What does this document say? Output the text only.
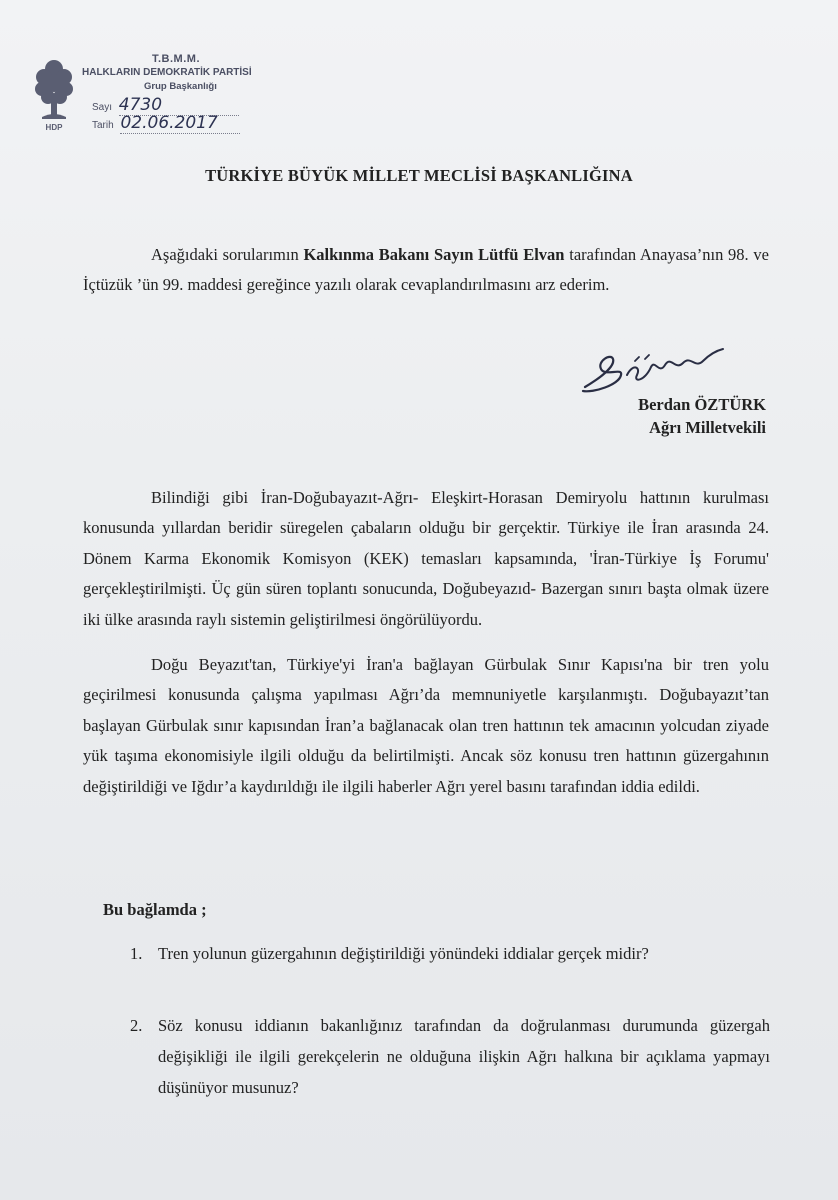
HDP
T.B.M.M.
HALKLARIN DEMOKRATİK PARTİSİ
Grup Başkanlığı
Sayı 4730
Tarih 02.06.2017
TÜRKİYE BÜYÜK MİLLET MECLİSİ BAŞKANLIĞINA
Aşağıdaki sorularımın Kalkınma Bakanı Sayın Lütfü Elvan tarafından Anayasa’nın 98. ve İçtüzük ’ün 99. maddesi gereğince yazılı olarak cevaplandırılmasını arz ederim.
Berdan ÖZTÜRK
Ağrı Milletvekili
Bilindiği gibi İran-Doğubayazıt-Ağrı- Eleşkirt-Horasan Demiryolu hattının kurulması konusunda yıllardan beridir süregelen çabaların olduğu bir gerçektir. Türkiye ile İran arasında 24. Dönem Karma Ekonomik Komisyon (KEK) temasları kapsamında, 'İran-Türkiye İş Forumu' gerçekleştirilmişti. Üç gün süren toplantı sonucunda, Doğubeyazıd- Bazergan sınırı başta olmak üzere iki ülke arasında raylı sistemin geliştirilmesi öngörülüyordu.
Doğu Beyazıt'tan, Türkiye'yi İran'a bağlayan Gürbulak Sınır Kapısı'na bir tren yolu geçirilmesi konusunda çalışma yapılması Ağrı’da memnuniyetle karşılanmıştı. Doğubayazıt’tan başlayan Gürbulak sınır kapısından İran’a bağlanacak olan tren hattının tek amacının yolcudan ziyade yük taşıma ekonomisiyle ilgili olduğu da belirtilmişti. Ancak söz konusu tren hattının güzergahının değiştirildiği ve Iğdır’a kaydırıldığı ile ilgili haberler Ağrı yerel basını tarafından iddia edildi.
Bu bağlamda ;
1. Tren yolunun güzergahının değiştirildiği yönündeki iddialar gerçek midir?
2. Söz konusu iddianın bakanlığınız tarafından da doğrulanması durumunda güzergah değişikliği ile ilgili gerekçelerin ne olduğuna ilişkin Ağrı halkına bir açıklama yapmayı düşünüyor musunuz?
